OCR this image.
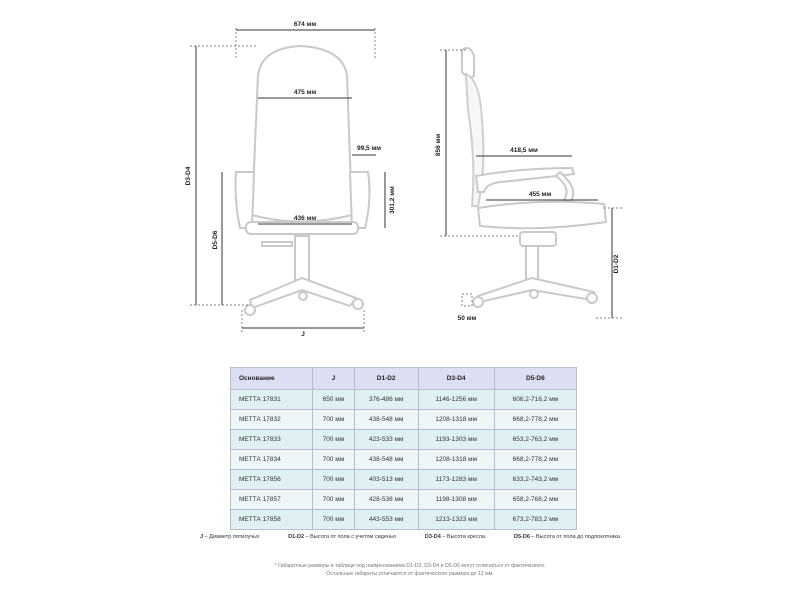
674 мм
475 мм
99,5 мм
436 мм
301,2 мм
D3-D4
D5-D6
J
856 мм	418,5 мм
455 мм
D1-D2
50 мм
Основание	J	D1-D2	D3-D4	D5-D6
МЕТТА 17831	650 мм	376-486 мм	1146-1256 мм	606,2-716,2 мм
МЕТТА 17832	700 мм	438-548 мм	1208-1318 мм	668,2-778,2 мм
МЕТТА 17833	700 мм	423-533 мм	1193-1303 мм	653,2-763,2 мм
МЕТТА 17834	700 мм	438-548 мм	1208-1318 мм	668,2-778,2 мм
МЕТТА 17856	700 мм	403-513 мм	1173-1283 мм	633,2-743,2 мм
МЕТТА 17857	700 мм	428-538 мм	1198-1308 мм	658,2-768,2 мм
МЕТТА 17858	700 мм	443-553 мм	1213-1323 мм	673,2-783,2 мм
J – Диаметр пятилучья	D1-D2 – Высота от пола с учетом сиденья	D3-D4 – Высота кресла	D5-D6 – Высота от пола до подлокотника
* Габаритные размеры в таблице под наименованием D1-D2, D3-D4 и D5-D6 могут отличаться от фактического.
Остальные габариты отличаются от фактического размера до 12 мм.
